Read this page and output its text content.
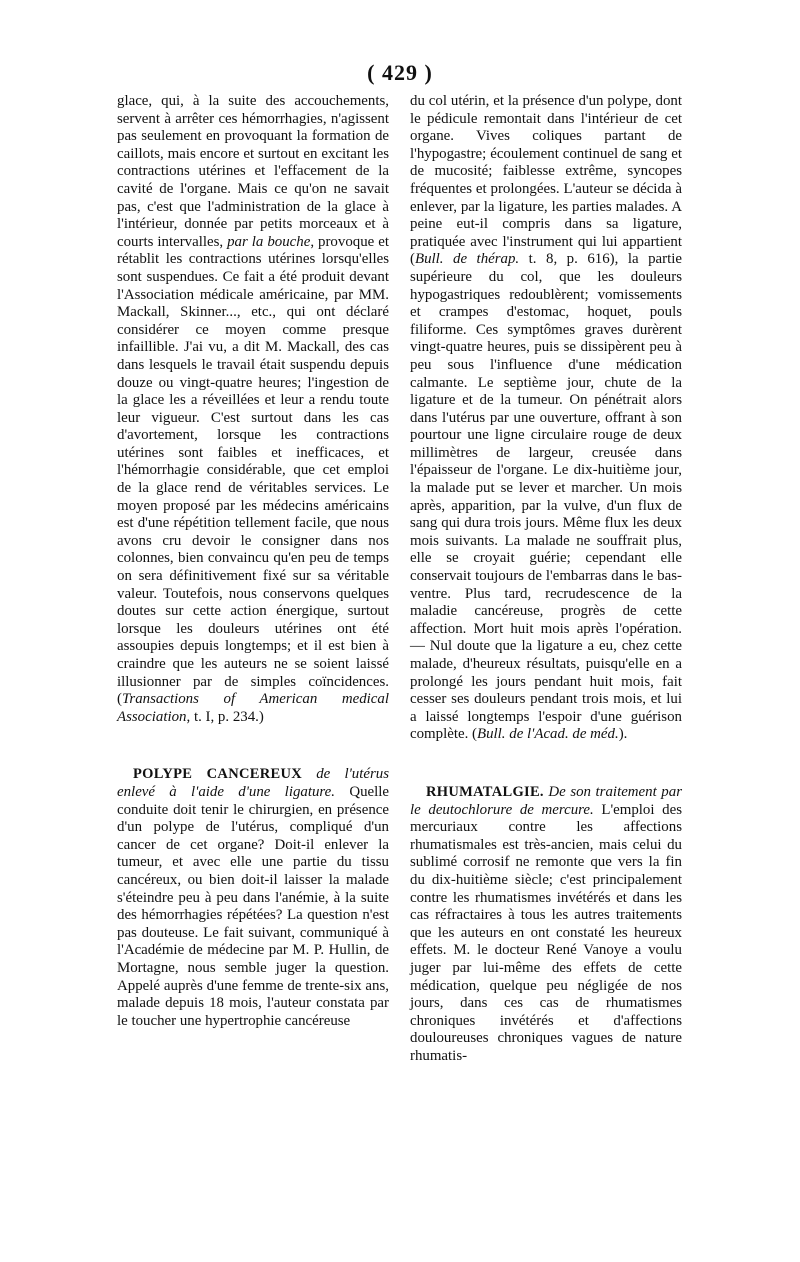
( 429 )

glace, qui, à la suite des accouchements, servent à arrêter ces hémorrhagies, n'agissent pas seulement en provoquant la formation de caillots, mais encore et surtout en excitant les contractions utérines et l'effacement de la cavité de l'organe. Mais ce qu'on ne savait pas, c'est que l'administration de la glace à l'intérieur, donnée par petits morceaux et à courts intervalles, par la bouche, provoque et rétablit les contractions utérines lorsqu'elles sont suspendues. Ce fait a été produit devant l'Association médicale américaine, par MM. Mackall, Skinner..., etc., qui ont déclaré considérer ce moyen comme presque infaillible. J'ai vu, a dit M. Mackall, des cas dans lesquels le travail était suspendu depuis douze ou vingt-quatre heures; l'ingestion de la glace les a réveillées et leur a rendu toute leur vigueur. C'est surtout dans les cas d'avortement, lorsque les contractions utérines sont faibles et inefficaces, et l'hémorrhagie considérable, que cet emploi de la glace rend de véritables services. Le moyen proposé par les médecins américains est d'une répétition tellement facile, que nous avons cru devoir le consigner dans nos colonnes, bien convaincu qu'en peu de temps on sera définitivement fixé sur sa véritable valeur. Toutefois, nous conservons quelques doutes sur cette action énergique, surtout lorsque les douleurs utérines ont été assoupies depuis longtemps; et il est bien à craindre que les auteurs ne se soient laissé illusionner par de simples coïncidences. (Transactions of American medical Association, t. I, p. 234.)

POLYPE CANCEREUX de l'utérus enlevé à l'aide d'une ligature. Quelle conduite doit tenir le chirurgien, en présence d'un polype de l'utérus, compliqué d'un cancer de cet organe? Doit-il enlever la tumeur, et avec elle une partie du tissu cancéreux, ou bien doit-il laisser la malade s'éteindre peu à peu dans l'anémie, à la suite des hémorrhagies répétées? La question n'est pas douteuse. Le fait suivant, communiqué à l'Académie de médecine par M. P. Hullin, de Mortagne, nous semble juger la question. Appelé auprès d'une femme de trente-six ans, malade depuis 18 mois, l'auteur constata par le toucher une hypertrophie cancéreuse

du col utérin, et la présence d'un polype, dont le pédicule remontait dans l'intérieur de cet organe. Vives coliques partant de l'hypogastre; écoulement continuel de sang et de mucosité; faiblesse extrême, syncopes fréquentes et prolongées. L'auteur se décida à enlever, par la ligature, les parties malades. A peine eut-il compris dans sa ligature, pratiquée avec l'instrument qui lui appartient (Bull. de thérap. t. 8, p. 616), la partie supérieure du col, que les douleurs hypogastriques redoublèrent; vomissements et crampes d'estomac, hoquet, pouls filiforme. Ces symptômes graves durèrent vingt-quatre heures, puis se dissipèrent peu à peu sous l'influence d'une médication calmante. Le septième jour, chute de la ligature et de la tumeur. On pénétrait alors dans l'utérus par une ouverture, offrant à son pourtour une ligne circulaire rouge de deux millimètres de largeur, creusée dans l'épaisseur de l'organe. Le dix-huitième jour, la malade put se lever et marcher. Un mois après, apparition, par la vulve, d'un flux de sang qui dura trois jours. Même flux les deux mois suivants. La malade ne souffrait plus, elle se croyait guérie; cependant elle conservait toujours de l'embarras dans le bas-ventre. Plus tard, recrudescence de la maladie cancéreuse, progrès de cette affection. Mort huit mois après l'opération. — Nul doute que la ligature a eu, chez cette malade, d'heureux résultats, puisqu'elle en a prolongé les jours pendant huit mois, fait cesser ses douleurs pendant trois mois, et lui a laissé longtemps l'espoir d'une guérison complète. (Bull. de l'Acad. de méd.).

RHUMATALGIE. De son traitement par le deutochlorure de mercure. L'emploi des mercuriaux contre les affections rhumatismales est très-ancien, mais celui du sublimé corrosif ne remonte que vers la fin du dix-huitième siècle; c'est principalement contre les rhumatismes invétérés et dans les cas réfractaires à tous les autres traitements que les auteurs en ont constaté les heureux effets. M. le docteur René Vanoye a voulu juger par lui-même des effets de cette médication, quelque peu négligée de nos jours, dans ces cas de rhumatismes chroniques invétérés et d'affections douloureuses chroniques vagues de nature rhumatis-
